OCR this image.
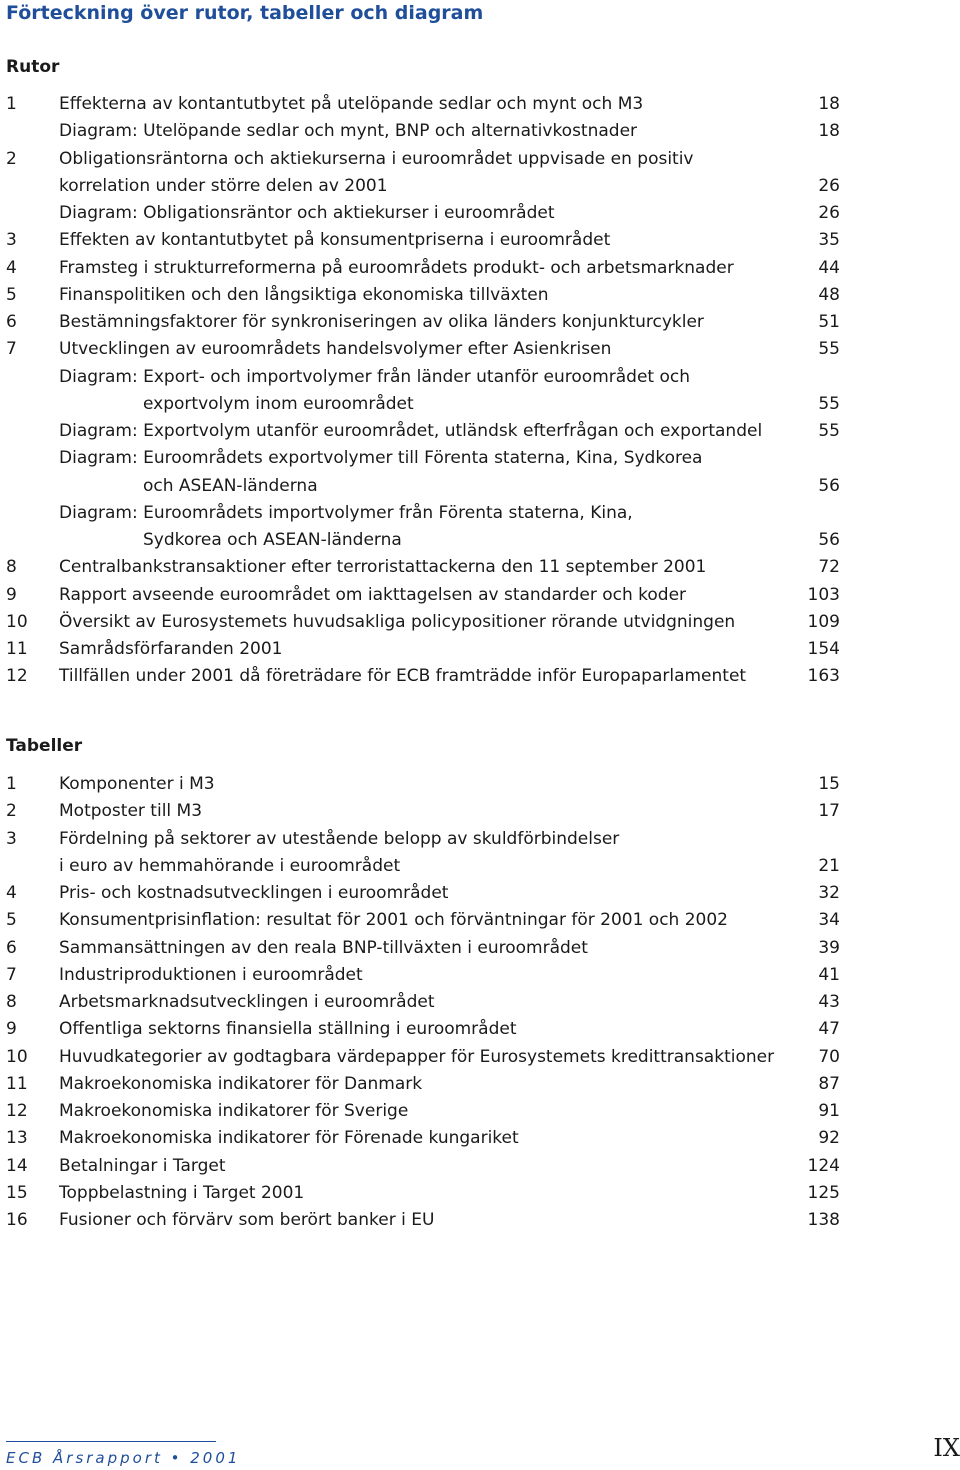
Förteckning över rutor, tabeller och diagram
Rutor
1 Effekterna av kontantutbytet på utelöpande sedlar och mynt och M3	18
Diagram: Utelöpande sedlar och mynt, BNP och alternativkostnader	18
2 Obligationsräntorna och aktiekurserna i euroområdet uppvisade en positiv
korrelation under större delen av 2001	26
Diagram: Obligationsräntor och aktiekurser i euroområdet	26
3 Effekten av kontantutbytet på konsumentpriserna i euroområdet	35
4 Framsteg i strukturreformerna på euroområdets produkt- och arbetsmarknader	44
5 Finanspolitiken och den långsiktiga ekonomiska tillväxten	48
6 Bestämningsfaktorer för synkroniseringen av olika länders konjunkturcykler	51
7 Utvecklingen av euroområdets handelsvolymer efter Asienkrisen	55
Diagram: Export- och importvolymer från länder utanför euroområdet och
exportvolym inom euroområdet	55
Diagram: Exportvolym utanför euroområdet, utländsk efterfrågan och exportandel	55
Diagram: Euroområdets exportvolymer till Förenta staterna, Kina, Sydkorea
och ASEAN-länderna	56
Diagram: Euroområdets importvolymer från Förenta staterna, Kina,
Sydkorea och ASEAN-länderna	56
8 Centralbankstransaktioner efter terroristattackerna den 11 september 2001	72
9 Rapport avseende euroområdet om iakttagelsen av standarder och koder	103
10 Översikt av Eurosystemets huvudsakliga policypositioner rörande utvidgningen	109
11 Samrådsförfaranden 2001	154
12 Tillfällen under 2001 då företrädare för ECB framträdde inför Europaparlamentet	163
Tabeller
1 Komponenter i M3	15
2 Motposter till M3	17
3 Fördelning på sektorer av utestående belopp av skuldförbindelser
i euro av hemmahörande i euroområdet	21
4 Pris- och kostnadsutvecklingen i euroområdet	32
5 Konsumentprisinflation: resultat för 2001 och förväntningar för 2001 och 2002	34
6 Sammansättningen av den reala BNP-tillväxten i euroområdet	39
7 Industriproduktionen i euroområdet	41
8 Arbetsmarknadsutvecklingen i euroområdet	43
9 Offentliga sektorns finansiella ställning i euroområdet	47
10 Huvudkategorier av godtagbara värdepapper för Eurosystemets kredittransaktioner	70
11 Makroekonomiska indikatorer för Danmark	87
12 Makroekonomiska indikatorer för Sverige	91
13 Makroekonomiska indikatorer för Förenade kungariket	92
14 Betalningar i Target	124
15 Toppbelastning i Target 2001	125
16 Fusioner och förvärv som berört banker i EU	138
ECB Årsrapport • 2001	IX
